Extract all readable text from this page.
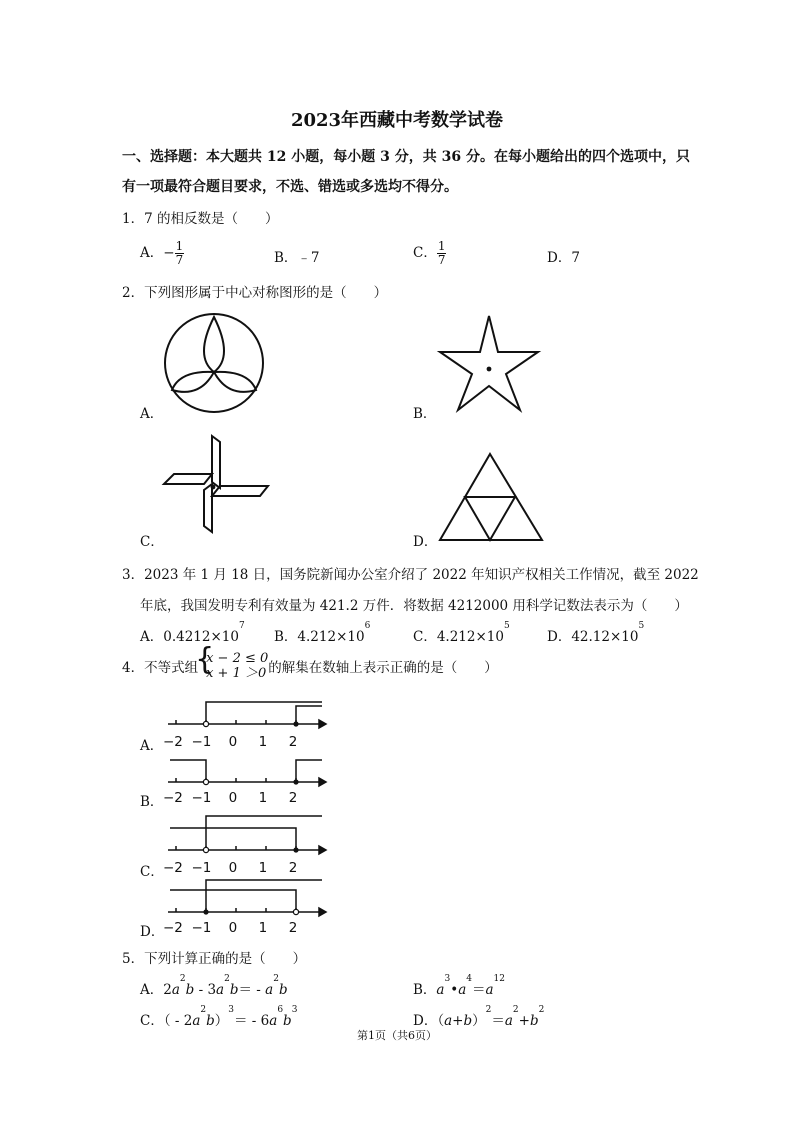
2023年西藏中考数学试卷
一、选择题：本大题共 12 小题，每小题 3 分，共 36 分。在每小题给出的四个选项中，只
有一项最符合题目要求，不选、错选或多选均不得分。
1．7 的相反数是（　　）
A．− $\frac{1}{7}$	B．﹣7	C． $\frac{1}{7}$	D．7
2．下列图形属于中心对称图形的是（　　）
A．	B．
C．	D．
3．2023 年 1 月 18 日，国务院新闻办公室介绍了 2022 年知识产权相关工作情况，截至 2022
年底，我国发明专利有效量为 421.2 万件．将数据 4212000 用科学记数法表示为（　　）
A．$0.4212\times 10^7$
B．$4.212\times 10^6$
C．$4.212\times 10^5$
D．$42.12\times 10^5$
4．不等式组
{ x − 2 ≤ 0
x + 1 ＞0 的解集在数轴上表示正确的是（　　）
A．
B．
C．
D．
−2 −1 0 1 2
−2 −1 0 1 2
−2 −1 0 1 2
−2 −1 0 1 2
5．下列计算正确的是（　　）
A．$2a^2b - 3a^2b= - a^2b$	B．$a^3•a^4=a^{12}$
C．（ - $2a^2b)^3= - 6a^6b^3$
D．$(a+b)^2=a^2+b^2$
第1页（共6页）
